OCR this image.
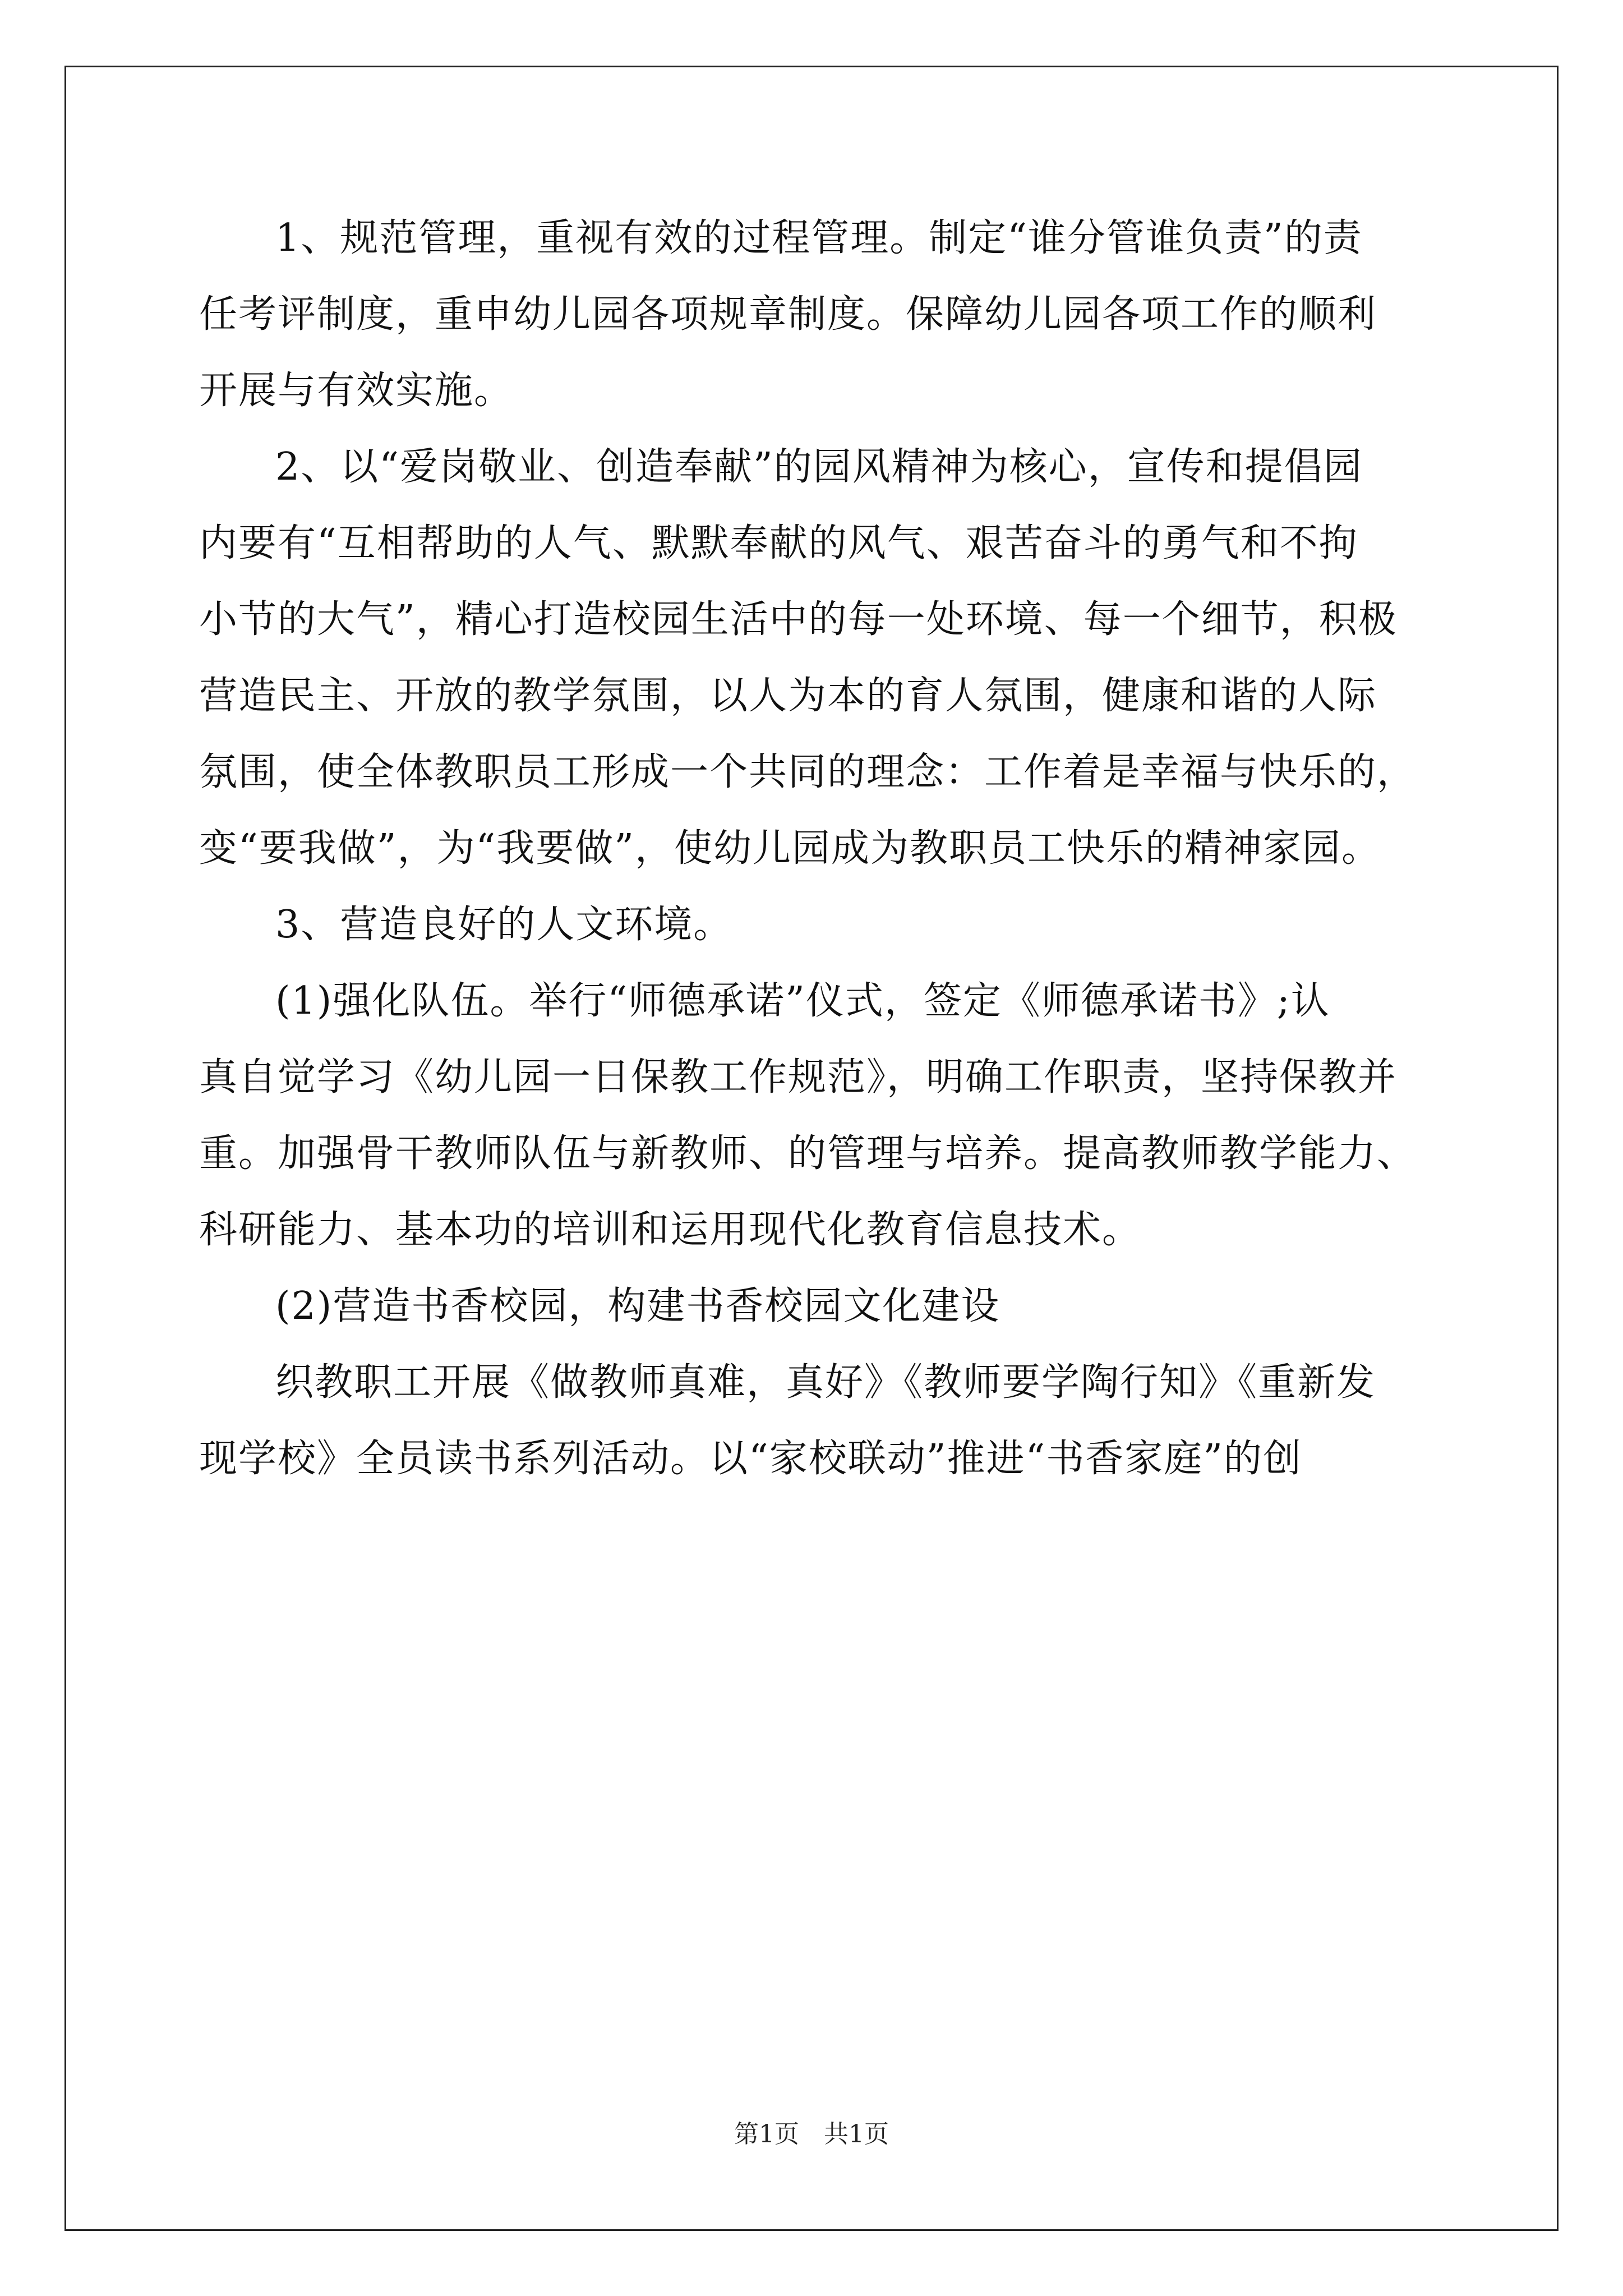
1、规范管理，重视有效的过程管理。制定“谁分管谁负责”的责
任考评制度，重申幼儿园各项规章制度。保障幼儿园各项工作的顺利
开展与有效实施。
2、以“爱岗敬业、创造奉献”的园风精神为核心，宣传和提倡园
内要有“互相帮助的人气、默默奉献的风气、艰苦奋斗的勇气和不拘
小节的大气”，精心打造校园生活中的每一处环境、每一个细节，积极
营造民主、开放的教学氛围，以人为本的育人氛围，健康和谐的人际
氛围，使全体教职员工形成一个共同的理念：工作着是幸福与快乐的，
变“要我做”，为“我要做”，使幼儿园成为教职员工快乐的精神家园。
3、营造良好的人文环境。
(1)强化队伍。举行“师德承诺”仪式，签定《师德承诺书》;认
真自觉学习《幼儿园一日保教工作规范》，明确工作职责，坚持保教并
重。加强骨干教师队伍与新教师、的管理与培养。提高教师教学能力、
科研能力、基本功的培训和运用现代化教育信息技术。
(2)营造书香校园，构建书香校园文化建设
织教职工开展《做教师真难，真好》《教师要学陶行知》《重新发
现学校》全员读书系列活动。以“家校联动”推进“书香家庭”的创
第1页　共1页
